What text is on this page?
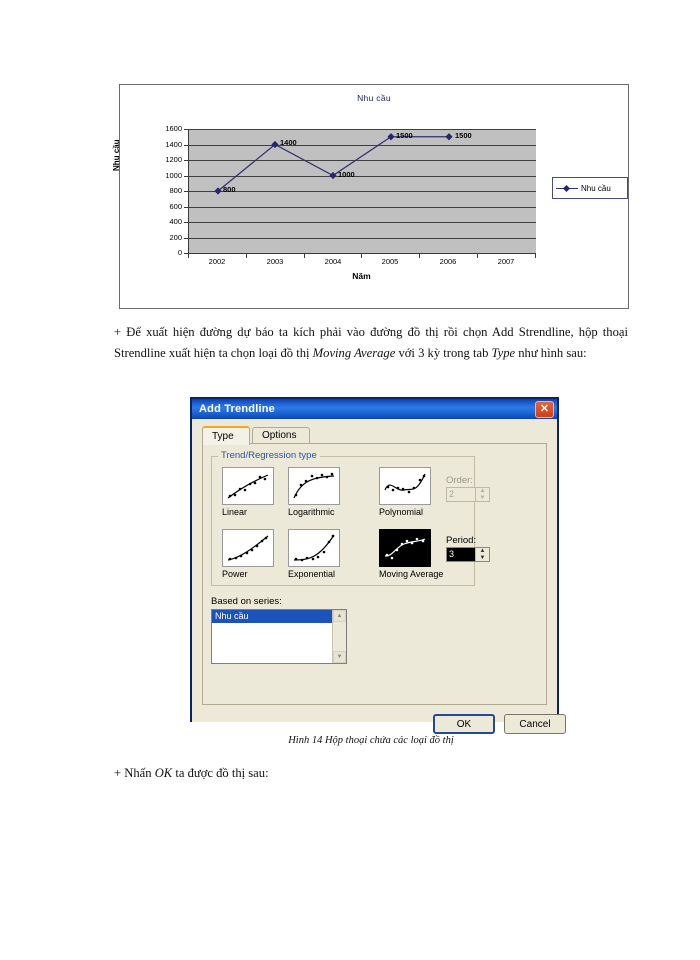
Nhu cầu
Nhu cầu
1600
1400
1200
1000
800
600
400
200
0
800
1400
1000
1500	1500
2002	2003	2004	2005	2006	2007
Năm
Nhu cầu
+ Để xuất hiện đường dự báo ta kích phải vào đường đồ thị rồi chọn Add Strendline, hộp thoại Strendline xuất hiện ta chọn loại đồ thị Moving Average với 3 kỳ trong tab Type như hình sau:
Add Trendline	✕
Type	Options
Trend/Regression type
Linear	Logarithmic	Polynomial
Order:
2	▲
▼
Power	Exponential	Moving Average
Period:
3	▲
▼
Based on series:
Nhu cầu	▲
▼
OK	Cancel
Hình 14 Hộp thoại chứa các loại đồ thị
+ Nhấn OK ta được đồ thị sau:
